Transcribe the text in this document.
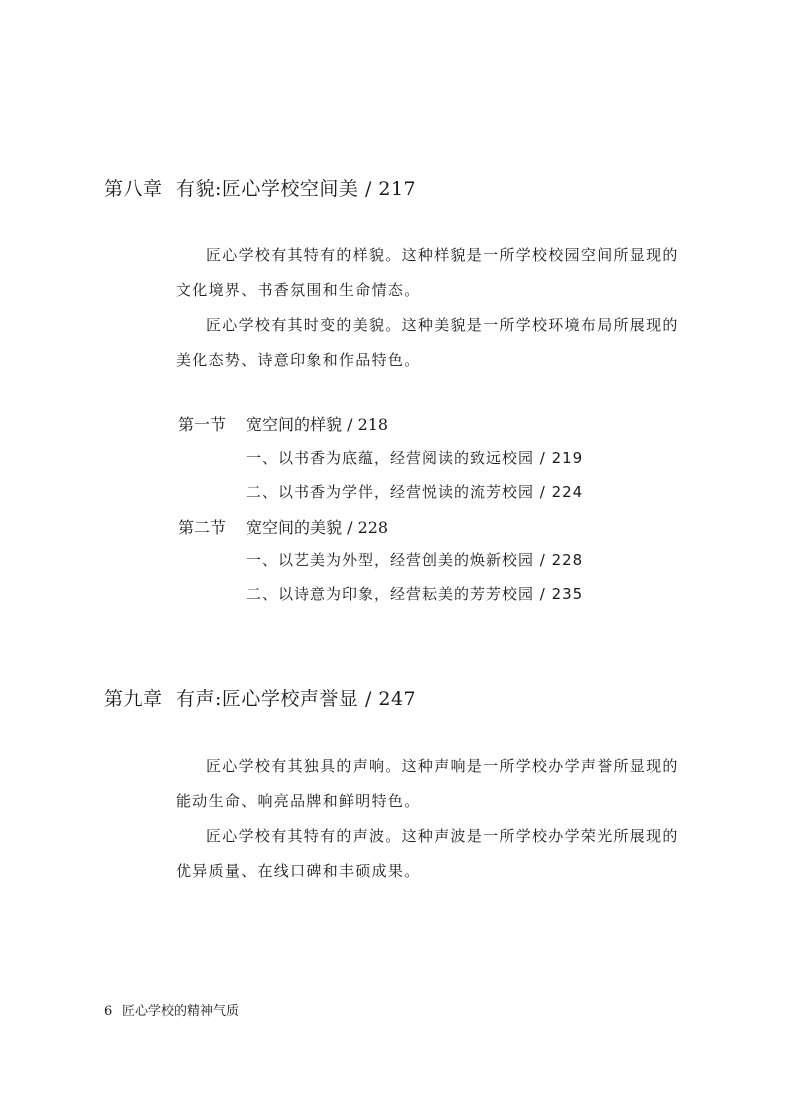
第八章 有貌:匠心学校空间美 / 217

匠心学校有其特有的样貌。这种样貌是一所学校校园空间所显现的文化境界、书香氛围和生命情态。

匠心学校有其时变的美貌。这种美貌是一所学校环境布局所展现的美化态势、诗意印象和作品特色。

第一节 宽空间的样貌 / 218
一、以书香为底蕴，经营阅读的致远校园 / 219
二、以书香为学伴，经营悦读的流芳校园 / 224
第二节 宽空间的美貌 / 228
一、以艺美为外型，经营创美的焕新校园 / 228
二、以诗意为印象，经营耘美的芳芳校园 / 235
第九章 有声:匠心学校声誉显 / 247

匠心学校有其独具的声响。这种声响是一所学校办学声誉所显现的能动生命、响亮品牌和鲜明特色。

匠心学校有其特有的声波。这种声波是一所学校办学荣光所展现的优异质量、在线口碑和丰硕成果。

6 匠心学校的精神气质
